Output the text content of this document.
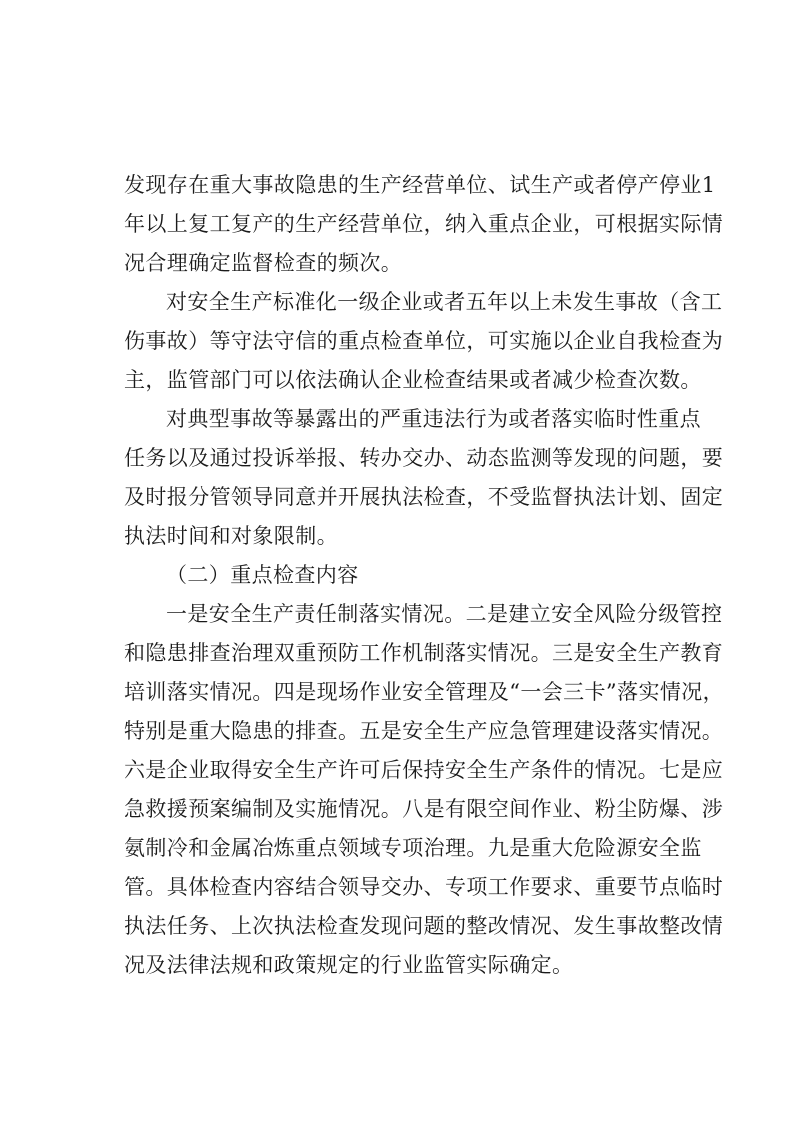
发现存在重大事故隐患的生产经营单位、试生产或者停产停业1
年以上复工复产的生产经营单位，纳入重点企业，可根据实际情
况合理确定监督检查的频次。
对安全生产标准化一级企业或者五年以上未发生事故（含工
伤事故）等守法守信的重点检查单位，可实施以企业自我检查为
主，监管部门可以依法确认企业检查结果或者减少检查次数。
对典型事故等暴露出的严重违法行为或者落实临时性重点
任务以及通过投诉举报、转办交办、动态监测等发现的问题，要
及时报分管领导同意并开展执法检查，不受监督执法计划、固定
执法时间和对象限制。
（二）重点检查内容
一是安全生产责任制落实情况。二是建立安全风险分级管控
和隐患排查治理双重预防工作机制落实情况。三是安全生产教育
培训落实情况。四是现场作业安全管理及“一会三卡”落实情况，
特别是重大隐患的排查。五是安全生产应急管理建设落实情况。
六是企业取得安全生产许可后保持安全生产条件的情况。七是应
急救援预案编制及实施情况。八是有限空间作业、粉尘防爆、涉
氨制冷和金属冶炼重点领域专项治理。九是重大危险源安全监
管。具体检查内容结合领导交办、专项工作要求、重要节点临时
执法任务、上次执法检查发现问题的整改情况、发生事故整改情
况及法律法规和政策规定的行业监管实际确定。
